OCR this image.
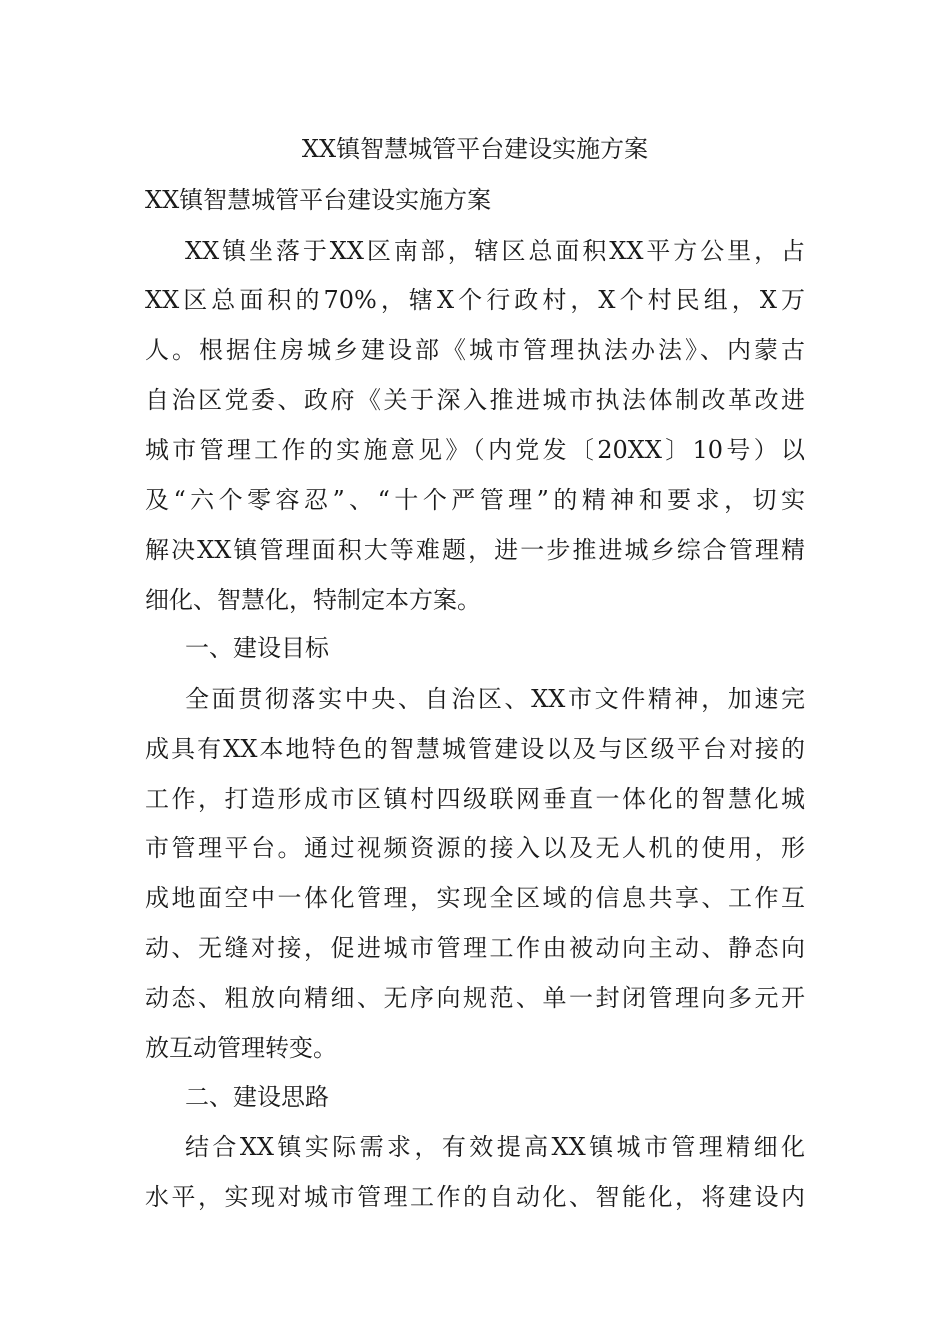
XX镇智慧城管平台建设实施方案

XX镇智慧城管平台建设实施方案

XX镇坐落于XX区南部，辖区总面积XX平方公里，占

XX区总面积的70%，辖X个行政村，X个村民组，X万

人。根据住房城乡建设部《城市管理执法办法》、内蒙古

自治区党委、政府《关于深入推进城市执法体制改革改进

城市管理工作的实施意见》（内党发〔20XX〕10号）以

及“六个零容忍”、“十个严管理”的精神和要求，切实

解决XX镇管理面积大等难题，进一步推进城乡综合管理精

细化、智慧化，特制定本方案。

一、建设目标

全面贯彻落实中央、自治区、XX市文件精神，加速完

成具有XX本地特色的智慧城管建设以及与区级平台对接的

工作，打造形成市区镇村四级联网垂直一体化的智慧化城

市管理平台。通过视频资源的接入以及无人机的使用，形

成地面空中一体化管理，实现全区域的信息共享、工作互

动、无缝对接，促进城市管理工作由被动向主动、静态向

动态、粗放向精细、无序向规范、单一封闭管理向多元开

放互动管理转变。

二、建设思路

结合XX镇实际需求，有效提高XX镇城市管理精细化

水平，实现对城市管理工作的自动化、智能化，将建设内
